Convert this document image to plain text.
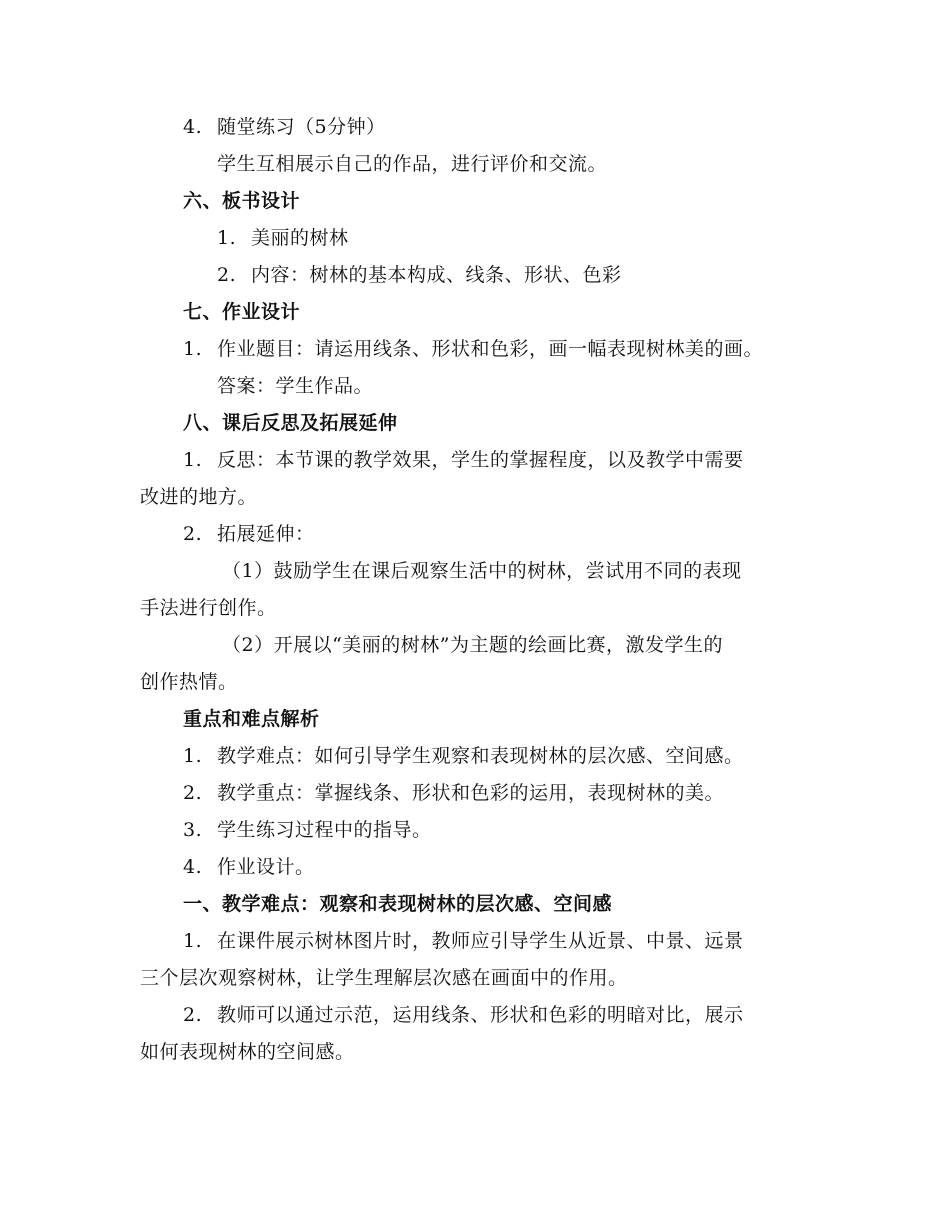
4. 随堂练习（5分钟）
学生互相展示自己的作品，进行评价和交流。
六、板书设计
1. 美丽的树林
2. 内容：树林的基本构成、线条、形状、色彩
七、作业设计
1. 作业题目：请运用线条、形状和色彩，画一幅表现树林美的画。
答案：学生作品。
八、课后反思及拓展延伸
1. 反思：本节课的教学效果，学生的掌握程度，以及教学中需要
改进的地方。
2. 拓展延伸：
（1）鼓励学生在课后观察生活中的树林，尝试用不同的表现
手法进行创作。
（2）开展以“美丽的树林”为主题的绘画比赛，激发学生的
创作热情。
重点和难点解析
1. 教学难点：如何引导学生观察和表现树林的层次感、空间感。
2. 教学重点：掌握线条、形状和色彩的运用，表现树林的美。
3. 学生练习过程中的指导。
4. 作业设计。
一、教学难点：观察和表现树林的层次感、空间感
1. 在课件展示树林图片时，教师应引导学生从近景、中景、远景
三个层次观察树林，让学生理解层次感在画面中的作用。
2. 教师可以通过示范，运用线条、形状和色彩的明暗对比，展示
如何表现树林的空间感。
